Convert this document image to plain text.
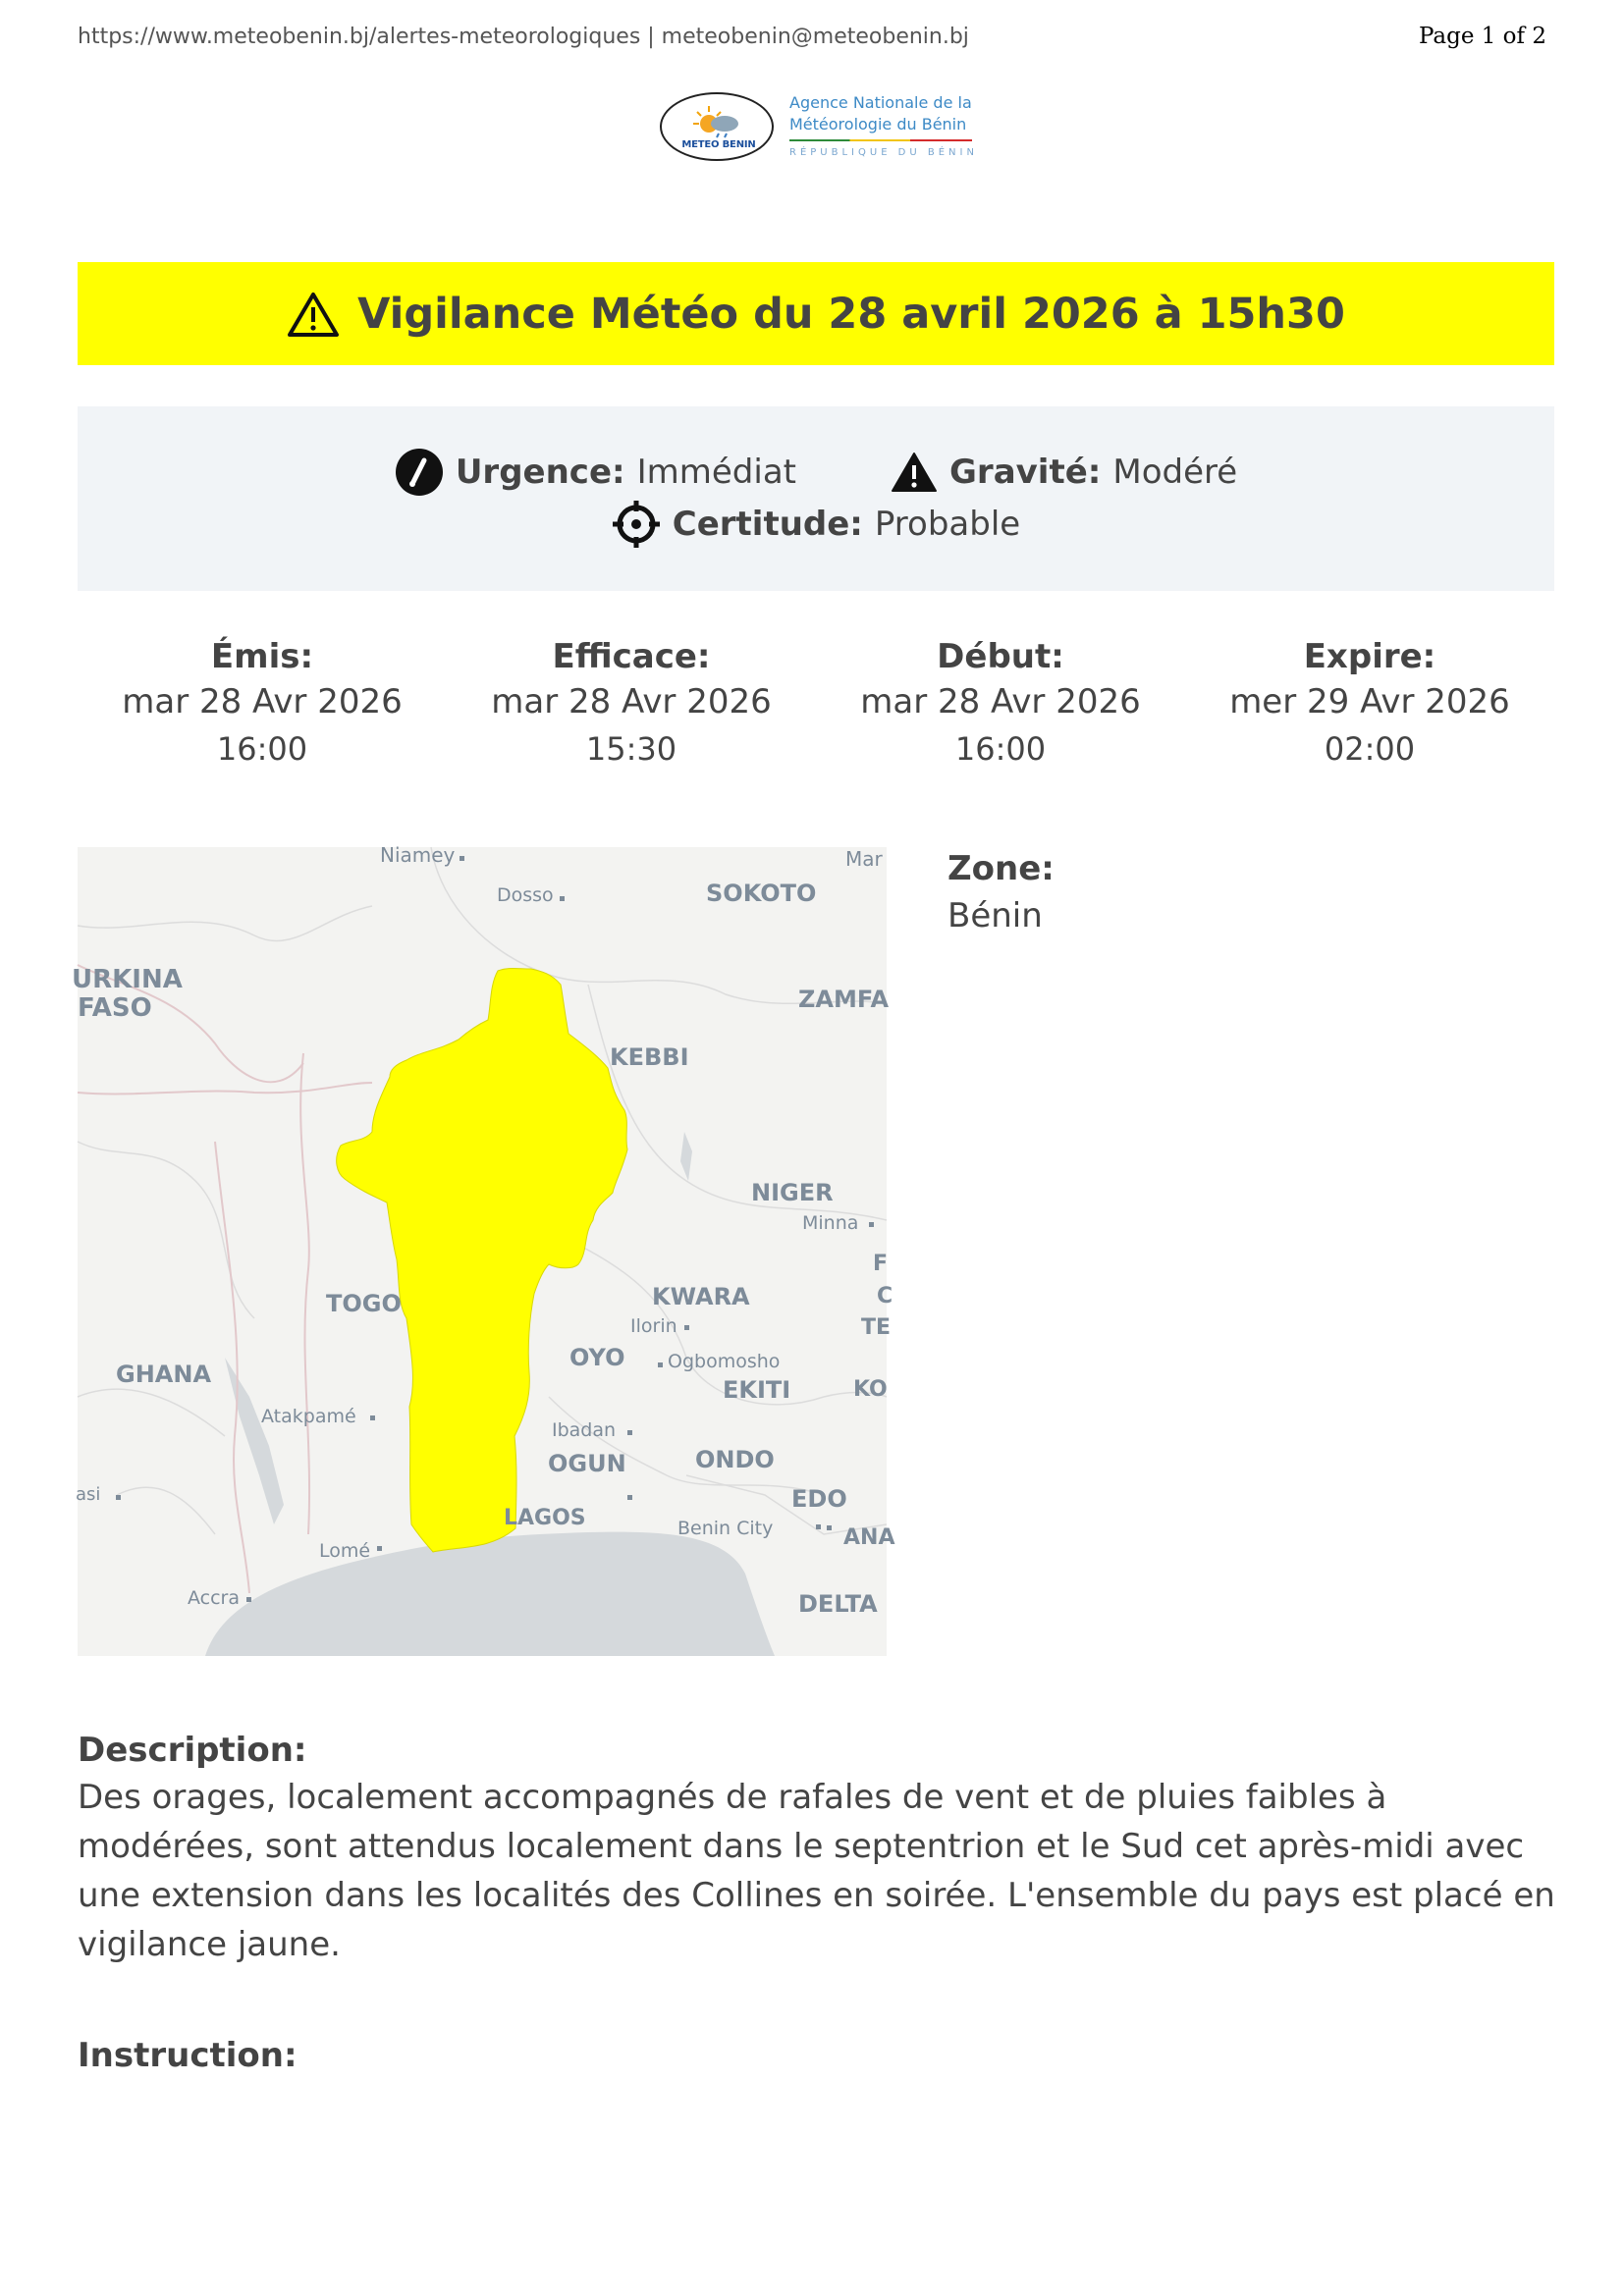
https://www.meteobenin.bj/alertes-meteorologiques | meteobenin@meteobenin.bj	Page 1 of 2
METEO BENIN
Agence Nationale de la
Météorologie du Bénin
RÉPUBLIQUE DU BÉNIN
Vigilance Météo du 28 avril 2026 à 15h30
Urgence: Immédiat	Gravité: Modéré
Certitude: Probable
Émis:
mar 28 Avr 2026
16:00
Efficace:
mar 28 Avr 2026
15:30
Début:
mar 28 Avr 2026
16:00
Expire:
mer 29 Avr 2026
02:00
Niamey
Dosso	SOKOTO
Mar
URKINA
FASO	ZAMFA
KEBBI
NIGER
Minna
F
C
TE
TOGO	KWARA
Ilorin
OYO Ogbomosho
GHANA
EKITI	KO
Atakpamé
Ibadan
OGUN	ONDO
asi
LAGOS
EDO
Benin City	ANA
Lomé
Accra	DELTA
Zone:
Bénin
Description:

Des orages, localement accompagnés de rafales de vent et de pluies faibles à modérées, sont attendus localement dans le septentrion et le Sud cet après-midi avec une extension dans les localités des Collines en soirée. L'ensemble du pays est placé en vigilance jaune.

Instruction:
